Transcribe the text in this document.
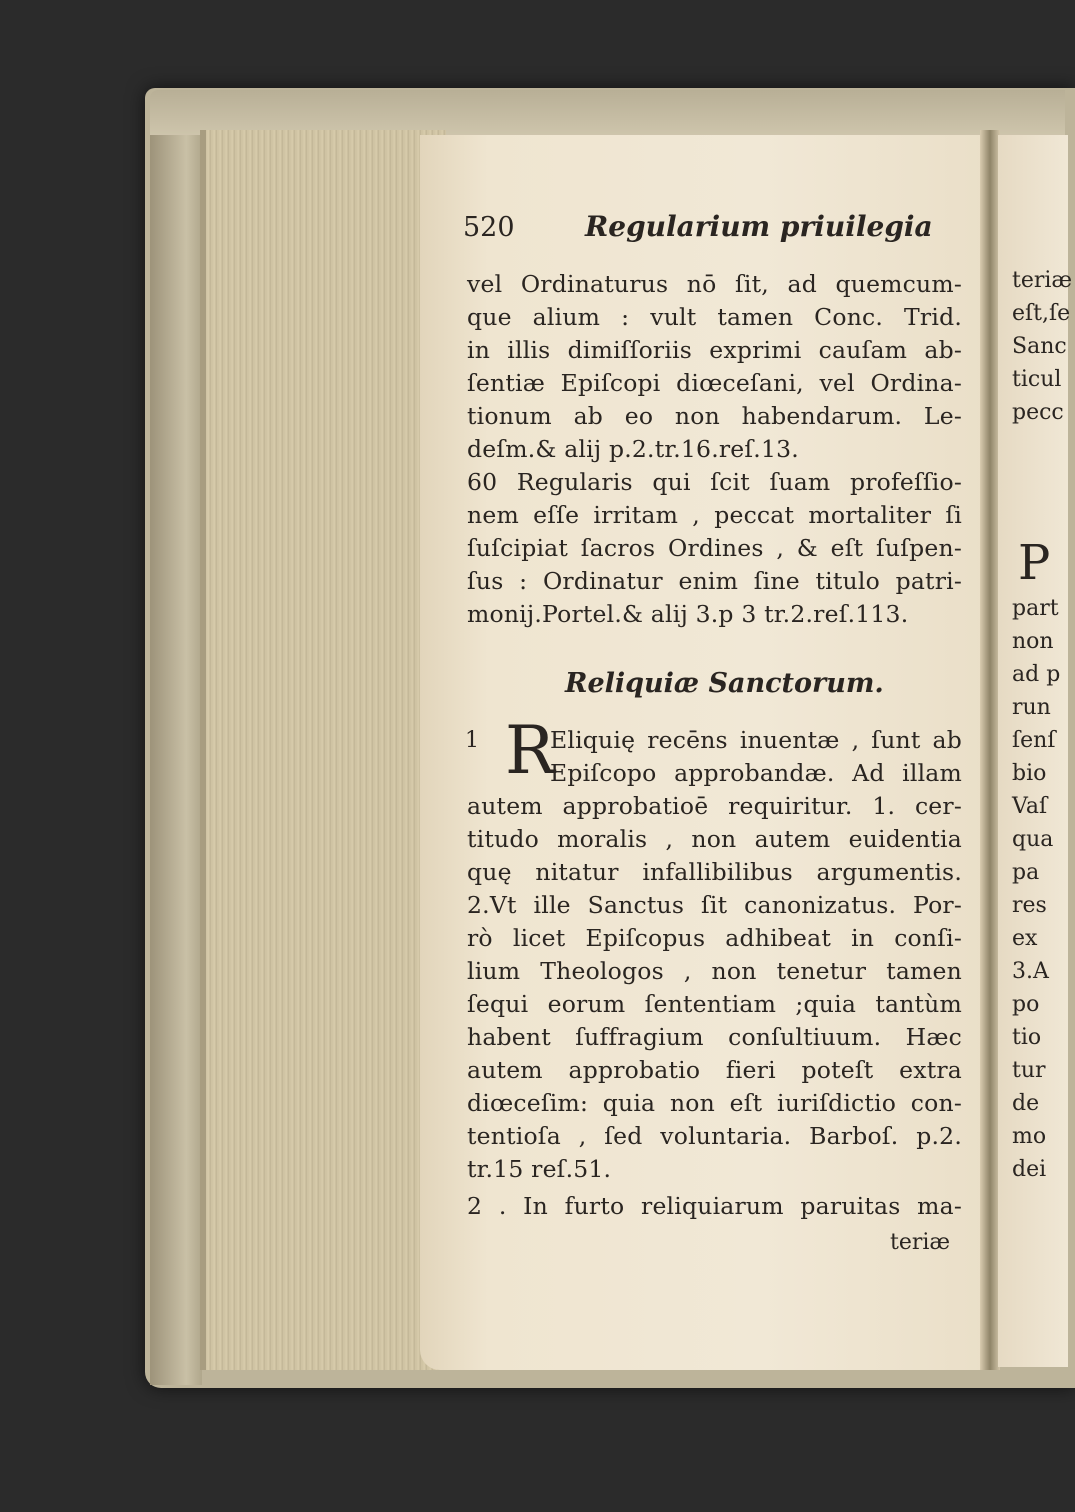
520	Regularium priuilegia
vel Ordinaturus nō ſit, ad quemcum-
que alium : vult tamen Conc. Trid.
in illis dimiſſoriis exprimi cauſam ab-
ſentiæ Epiſcopi diœceſani, vel Ordina-
tionum ab eo non habendarum. Le-
deſm.& alij p.2.tr.16.reſ.13.
60 Regularis qui ſcit ſuam profeſſio-
nem eſſe irritam , peccat mortaliter ſi
ſuſcipiat ſacros Ordines , & eſt ſuſpen-
ſus : Ordinatur enim ſine titulo patri-
monij.Portel.& alij 3.p 3 tr.2.reſ.113.
Reliquiæ Sanctorum.
1 R
Eliquię recēns inuentæ , ſunt ab
Epiſcopo approbandæ. Ad illam
autem approbatioē requiritur. 1. cer-
titudo moralis , non autem euidentia
quę nitatur infallibilibus argumentis.
2.Vt ille Sanctus ſit canonizatus. Por-
rò licet Epiſcopus adhibeat in conſi-
lium Theologos , non tenetur tamen
ſequi eorum ſententiam ;quia tantùm
habent ſuffragium conſultiuum. Hæc
autem approbatio fieri poteſt extra
diœceſim: quia non eſt iuriſdictio con-
tentioſa , ſed voluntaria. Barboſ. p.2.
tr.15 reſ.51.
2 . In furto reliquiarum paruitas ma-
teriæ
teriæ
eſt,ſe
Sanc
ticul
pecc
P
part
non
ad p
run
ſenſ
bio
Vaſ
qua
pa
res
ex
3.A
po
tio
tur
de
mo
dei
